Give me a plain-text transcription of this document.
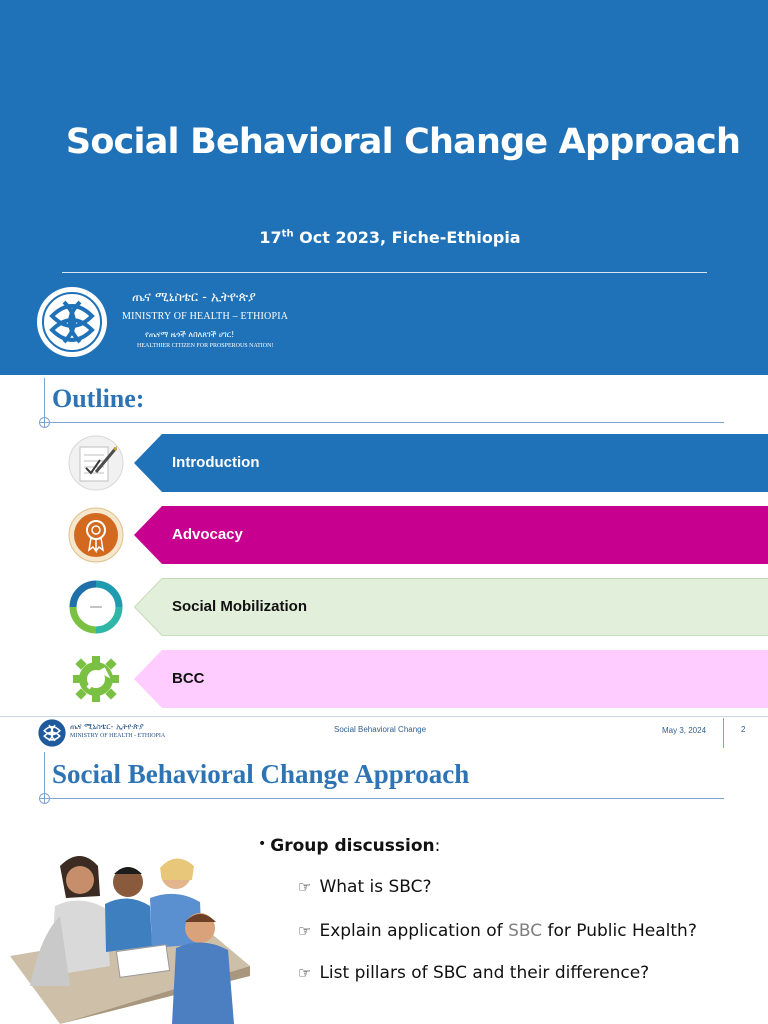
Social Behavioral Change Approach
17th Oct 2023, Fiche-Ethiopia
ጤና ሚኒስቴር - ኢትዮጵያ
MINISTRY OF HEALTH – ETHIOPIA
የጤናማ ዜጎች ለበለጸገች ሀገር!
HEALTHIER CITIZEN FOR PROSPEROUS NATION!
Outline:
Introduction
Advocacy
Social Mobilization
BCC
ጤና ሚኒስቴር- ኢትዮጵያ
MINISTRY OF HEALTH - ETHIOPIA
Social Behavioral Change	May 3, 2024	2
Social Behavioral Change Approach
• Group discussion:
☞ What is SBC?
☞ Explain application of SBC for Public Health?
☞ List pillars of SBC and their difference?
